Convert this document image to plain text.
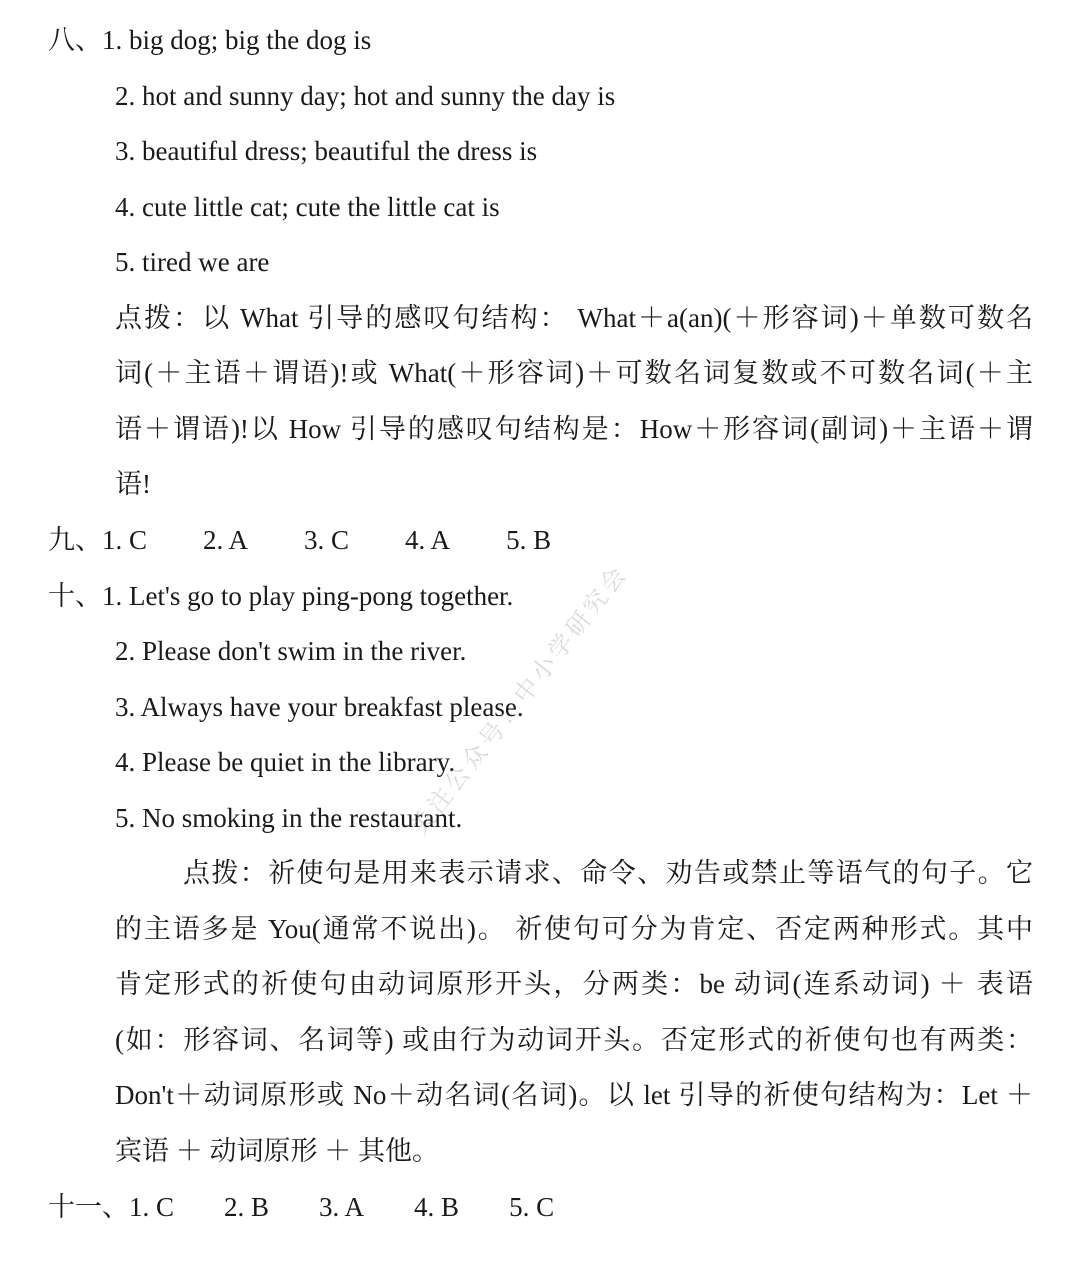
八、1. big dog; big the dog is
2. hot and sunny day; hot and sunny the day is
3. beautiful dress; beautiful the dress is
4. cute little cat; cute the little cat is
5. tired we are
点拨：以 What 引导的感叹句结构： What＋a(an)(＋形容词)＋单数可数名
词(＋主语＋谓语)!或 What(＋形容词)＋可数名词复数或不可数名词(＋主
语＋谓语)!以 How 引导的感叹句结构是：How＋形容词(副词)＋主语＋谓
语!
九、1. C 2. A 3. C 4. A 5. B
十、1. Let's go to play ping-pong together.
2. Please don't swim in the river.
3. Always have your breakfast please.
4. Please be quiet in the library.
5. No smoking in the restaurant.
点拨：祈使句是用来表示请求、命令、劝告或禁止等语气的句子。它
的主语多是 You(通常不说出)。 祈使句可分为肯定、否定两种形式。其中
肯定形式的祈使句由动词原形开头，分两类：be 动词(连系动词) ＋ 表语
(如：形容词、名词等) 或由行为动词开头。否定形式的祈使句也有两类：
Don't＋动词原形或 No＋动名词(名词)。以 let 引导的祈使句结构为：Let ＋
宾语 ＋ 动词原形 ＋ 其他。
十一、1. C 2. B 3. A 4. B 5. C
关注公众号：中小学研究会
